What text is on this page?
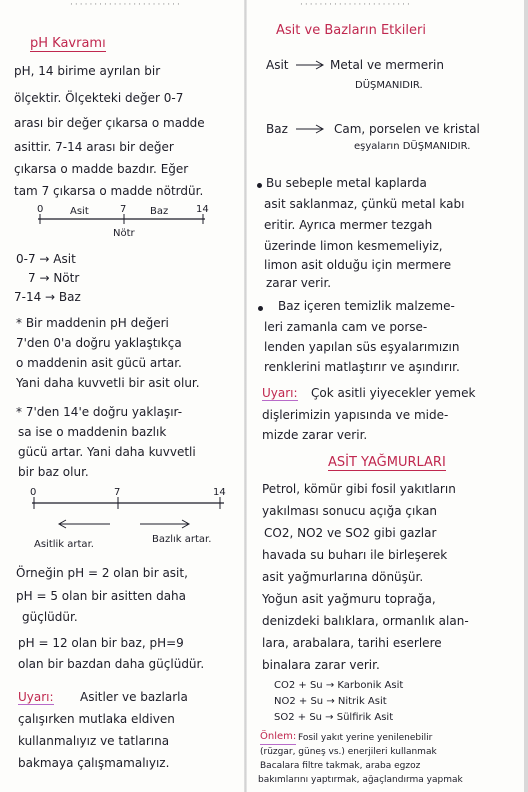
·······················	·······················
pH Kavramı
pH, 14 birime ayrılan bir
ölçektir. Ölçekteki değer 0-7
arası bir değer çıkarsa o madde
asittir. 7-14 arası bir değer
çıkarsa o madde bazdır. Eğer
tam 7 çıkarsa o madde nötrdür.
0	Asit	7 Baz	14
Nötr
0-7 → Asit
7 → Nötr
7-14 → Baz
* Bir maddenin pH değeri
7'den 0'a doğru yaklaştıkça
o maddenin asit gücü artar.
Yani daha kuvvetli bir asit olur.
* 7'den 14'e doğru yaklaşır-
sa ise o maddenin bazlık
gücü artar. Yani daha kuvvetli
bir baz olur.
0	7	14
Asitlik artar.	Bazlık artar.
Örneğin pH = 2 olan bir asit,
pH = 5 olan bir asitten daha
güçlüdür.
pH = 12 olan bir baz, pH=9
olan bir bazdan daha güçlüdür.
Uyarı: Asitler ve bazlarla
çalışırken mutlaka eldiven
kullanmalıyız ve tatlarına
bakmaya çalışmamalıyız.
Asit ve Bazların Etkileri
Asit	Metal ve mermerin
DÜŞMANIDIR.
Baz	Cam, porselen ve kristal
eşyaların DÜŞMANIDIR.
Bu sebeple metal kaplarda
asit saklanmaz, çünkü metal kabı
eritir. Ayrıca mermer tezgah
üzerinde limon kesmemeliyiz,
limon asit olduğu için mermere
zarar verir.
Baz içeren temizlik malzeme-
leri zamanla cam ve porse-
lenden yapılan süs eşyalarımızın
renklerini matlaştırır ve aşındırır.
Uyarı: Çok asitli yiyecekler yemek
dişlerimizin yapısında ve mide-
mizde zarar verir.
ASİT YAĞMURLARI
Petrol, kömür gibi fosil yakıtların
yakılması sonucu açığa çıkan
CO2, NO2 ve SO2 gibi gazlar
havada su buharı ile birleşerek
asit yağmurlarına dönüşür.
Yoğun asit yağmuru toprağa,
denizdeki balıklara, ormanlık alan-
lara, arabalara, tarihi eserlere
binalara zarar verir.
CO2 + Su → Karbonik Asit
NO2 + Su → Nitrik Asit
SO2 + Su → Sülfirik Asit
Önlem: Fosil yakıt yerine yenilenebilir
(rüzgar, güneş vs.) enerjileri kullanmak
Bacalara filtre takmak, araba egzoz
bakımlarını yaptırmak, ağaçlandırma yapmak
